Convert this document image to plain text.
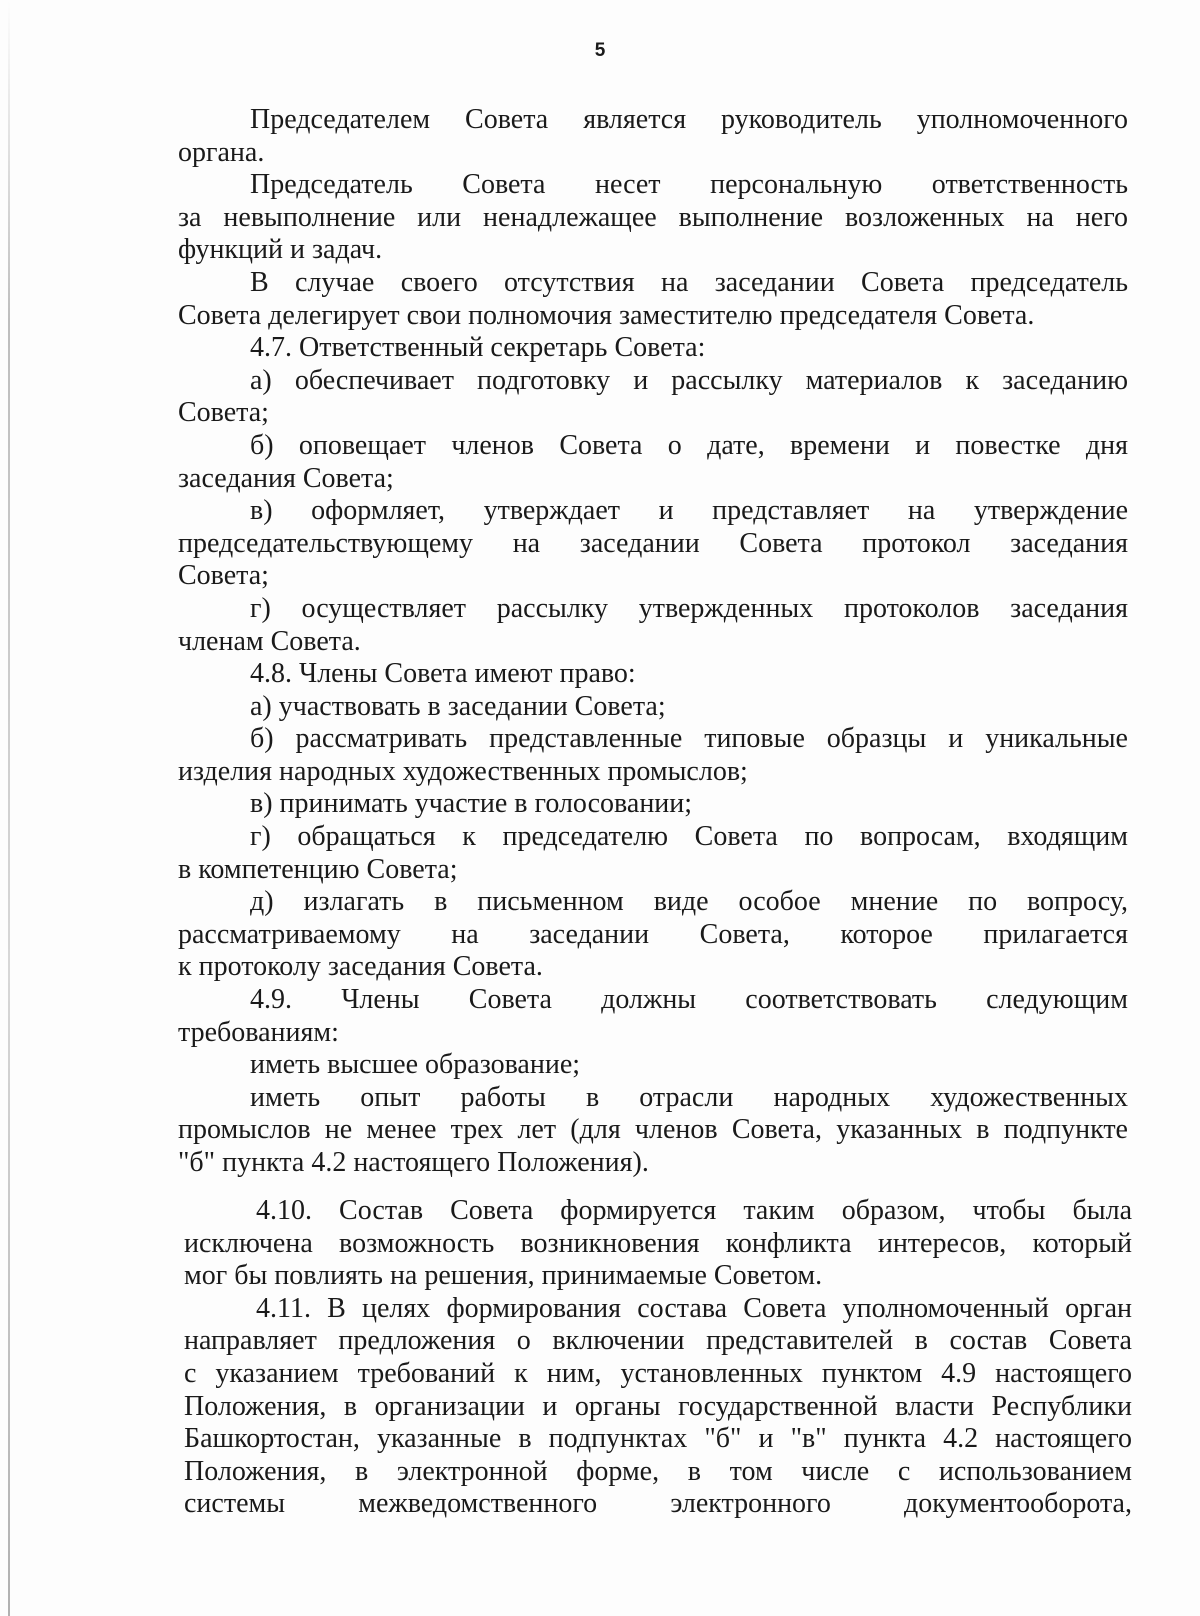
5
Председателем Совета является руководитель уполномоченного
органа.
Председатель Совета несет персональную ответственность
за невыполнение или ненадлежащее выполнение возложенных на него
функций и задач.
В случае своего отсутствия на заседании Совета председатель
Совета делегирует свои полномочия заместителю председателя Совета.
4.7. Ответственный секретарь Совета:
а) обеспечивает подготовку и рассылку материалов к заседанию
Совета;
б) оповещает членов Совета о дате, времени и повестке дня
заседания Совета;
в) оформляет, утверждает и представляет на утверждение
председательствующему на заседании Совета протокол заседания
Совета;
г) осуществляет рассылку утвержденных протоколов заседания
членам Совета.
4.8. Члены Совета имеют право:
а) участвовать в заседании Совета;
б) рассматривать представленные типовые образцы и уникальные
изделия народных художественных промыслов;
в) принимать участие в голосовании;
г) обращаться к председателю Совета по вопросам, входящим
в компетенцию Совета;
д) излагать в письменном виде особое мнение по вопросу,
рассматриваемому на заседании Совета, которое прилагается
к протоколу заседания Совета.
4.9. Члены Совета должны соответствовать следующим
требованиям:
иметь высшее образование;
иметь опыт работы в отрасли народных художественных
промыслов не менее трех лет (для членов Совета, указанных в подпункте
"б" пункта 4.2 настоящего Положения).
4.10. Состав Совета формируется таким образом, чтобы была
исключена возможность возникновения конфликта интересов, который
мог бы повлиять на решения, принимаемые Советом.
4.11. В целях формирования состава Совета уполномоченный орган
направляет предложения о включении представителей в состав Совета
с указанием требований к ним, установленных пунктом 4.9 настоящего
Положения, в организации и органы государственной власти Республики
Башкортостан, указанные в подпунктах "б" и "в" пункта 4.2 настоящего
Положения, в электронной форме, в том числе с использованием
системы межведомственного электронного документооборота,
